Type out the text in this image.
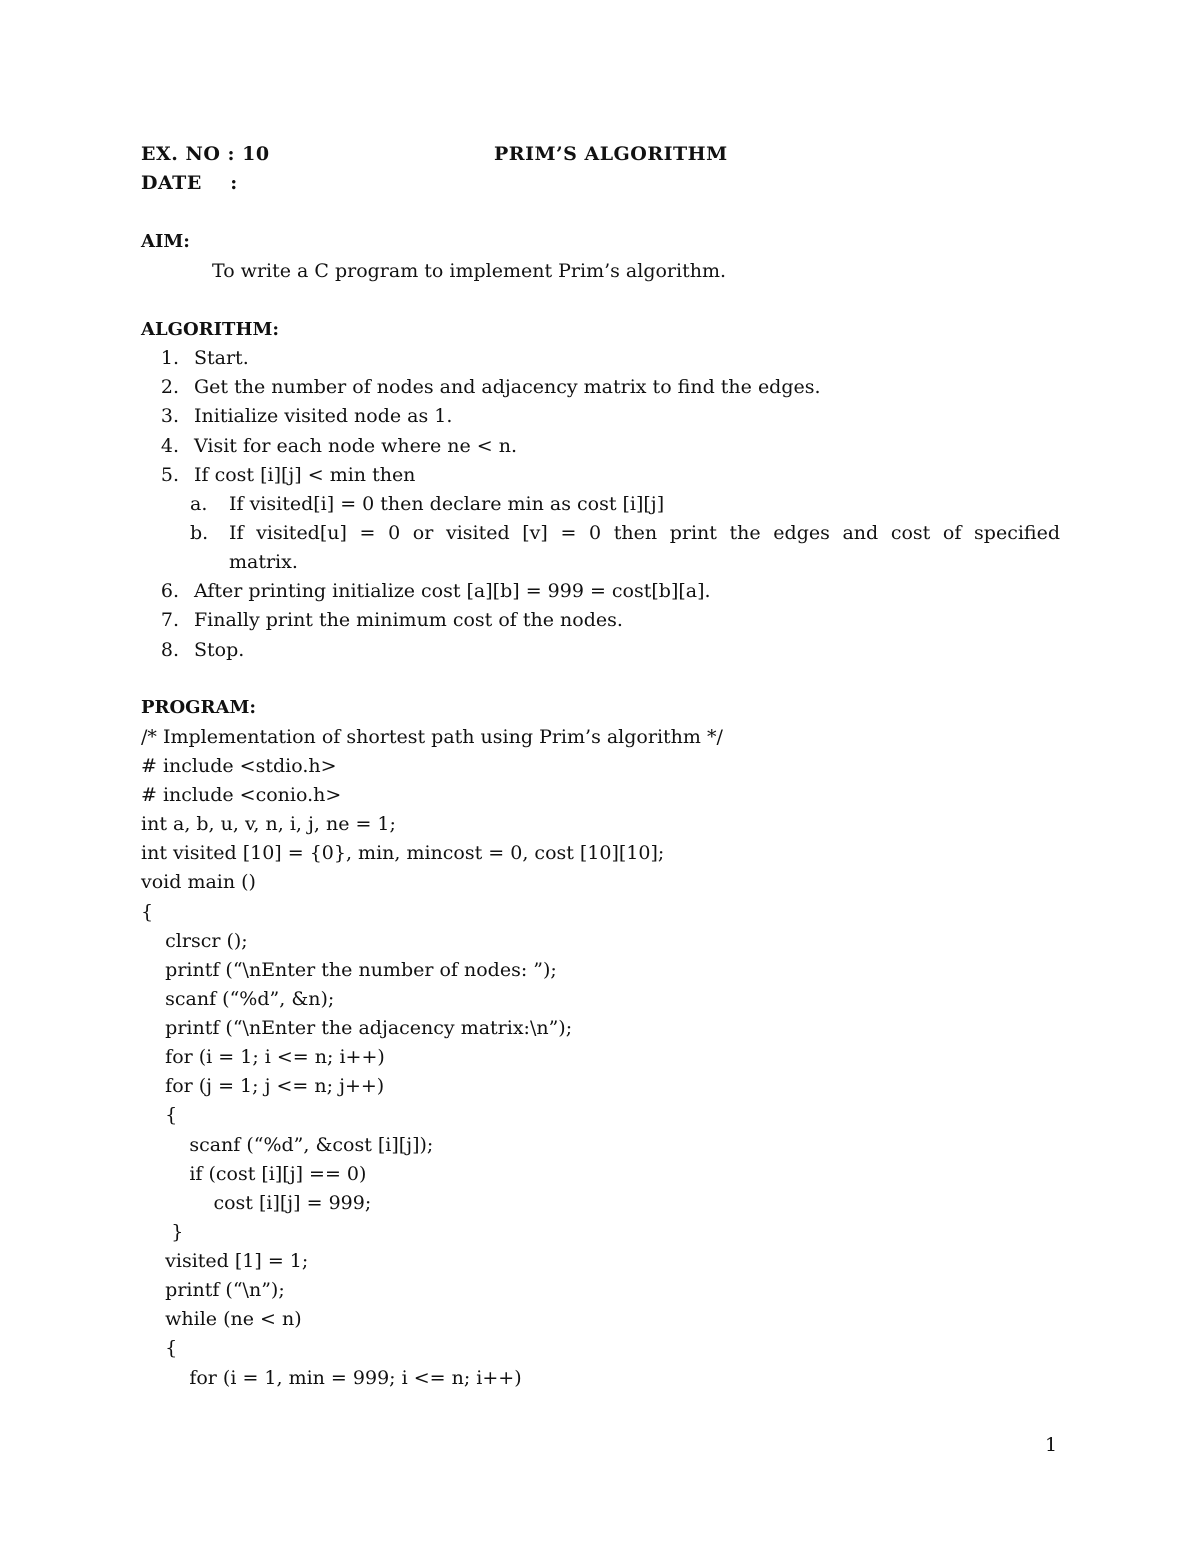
EX. NO : 10	PRIM’S ALGORITHM
DATE    :
AIM:
To write a C program to implement Prim’s algorithm.
ALGORITHM:
1. Start.
2. Get the number of nodes and adjacency matrix to find the edges.
3. Initialize visited node as 1.
4. Visit for each node where ne < n.
5. If cost [i][j] < min then
a. If visited[i] = 0 then declare min as cost [i][j]
b. If visited[u] = 0 or visited [v] = 0 then print the edges and cost of specified
matrix.
6. After printing initialize cost [a][b] = 999 = cost[b][a].
7. Finally print the minimum cost of the nodes.
8. Stop.
PROGRAM:
/* Implementation of shortest path using Prim’s algorithm */
# include <stdio.h>
# include <conio.h>
int a, b, u, v, n, i, j, ne = 1;
int visited [10] = {0}, min, mincost = 0, cost [10][10];
void main ()
{
clrscr ();
printf (“\nEnter the number of nodes: ”);
scanf (“%d”, &n);
printf (“\nEnter the adjacency matrix:\n”);
for (i = 1; i <= n; i++)
for (j = 1; j <= n; j++)
{
scanf (“%d”, &cost [i][j]);
if (cost [i][j] == 0)
cost [i][j] = 999;
}
visited [1] = 1;
printf (“\n”);
while (ne < n)
{
for (i = 1, min = 999; i <= n; i++)
1
